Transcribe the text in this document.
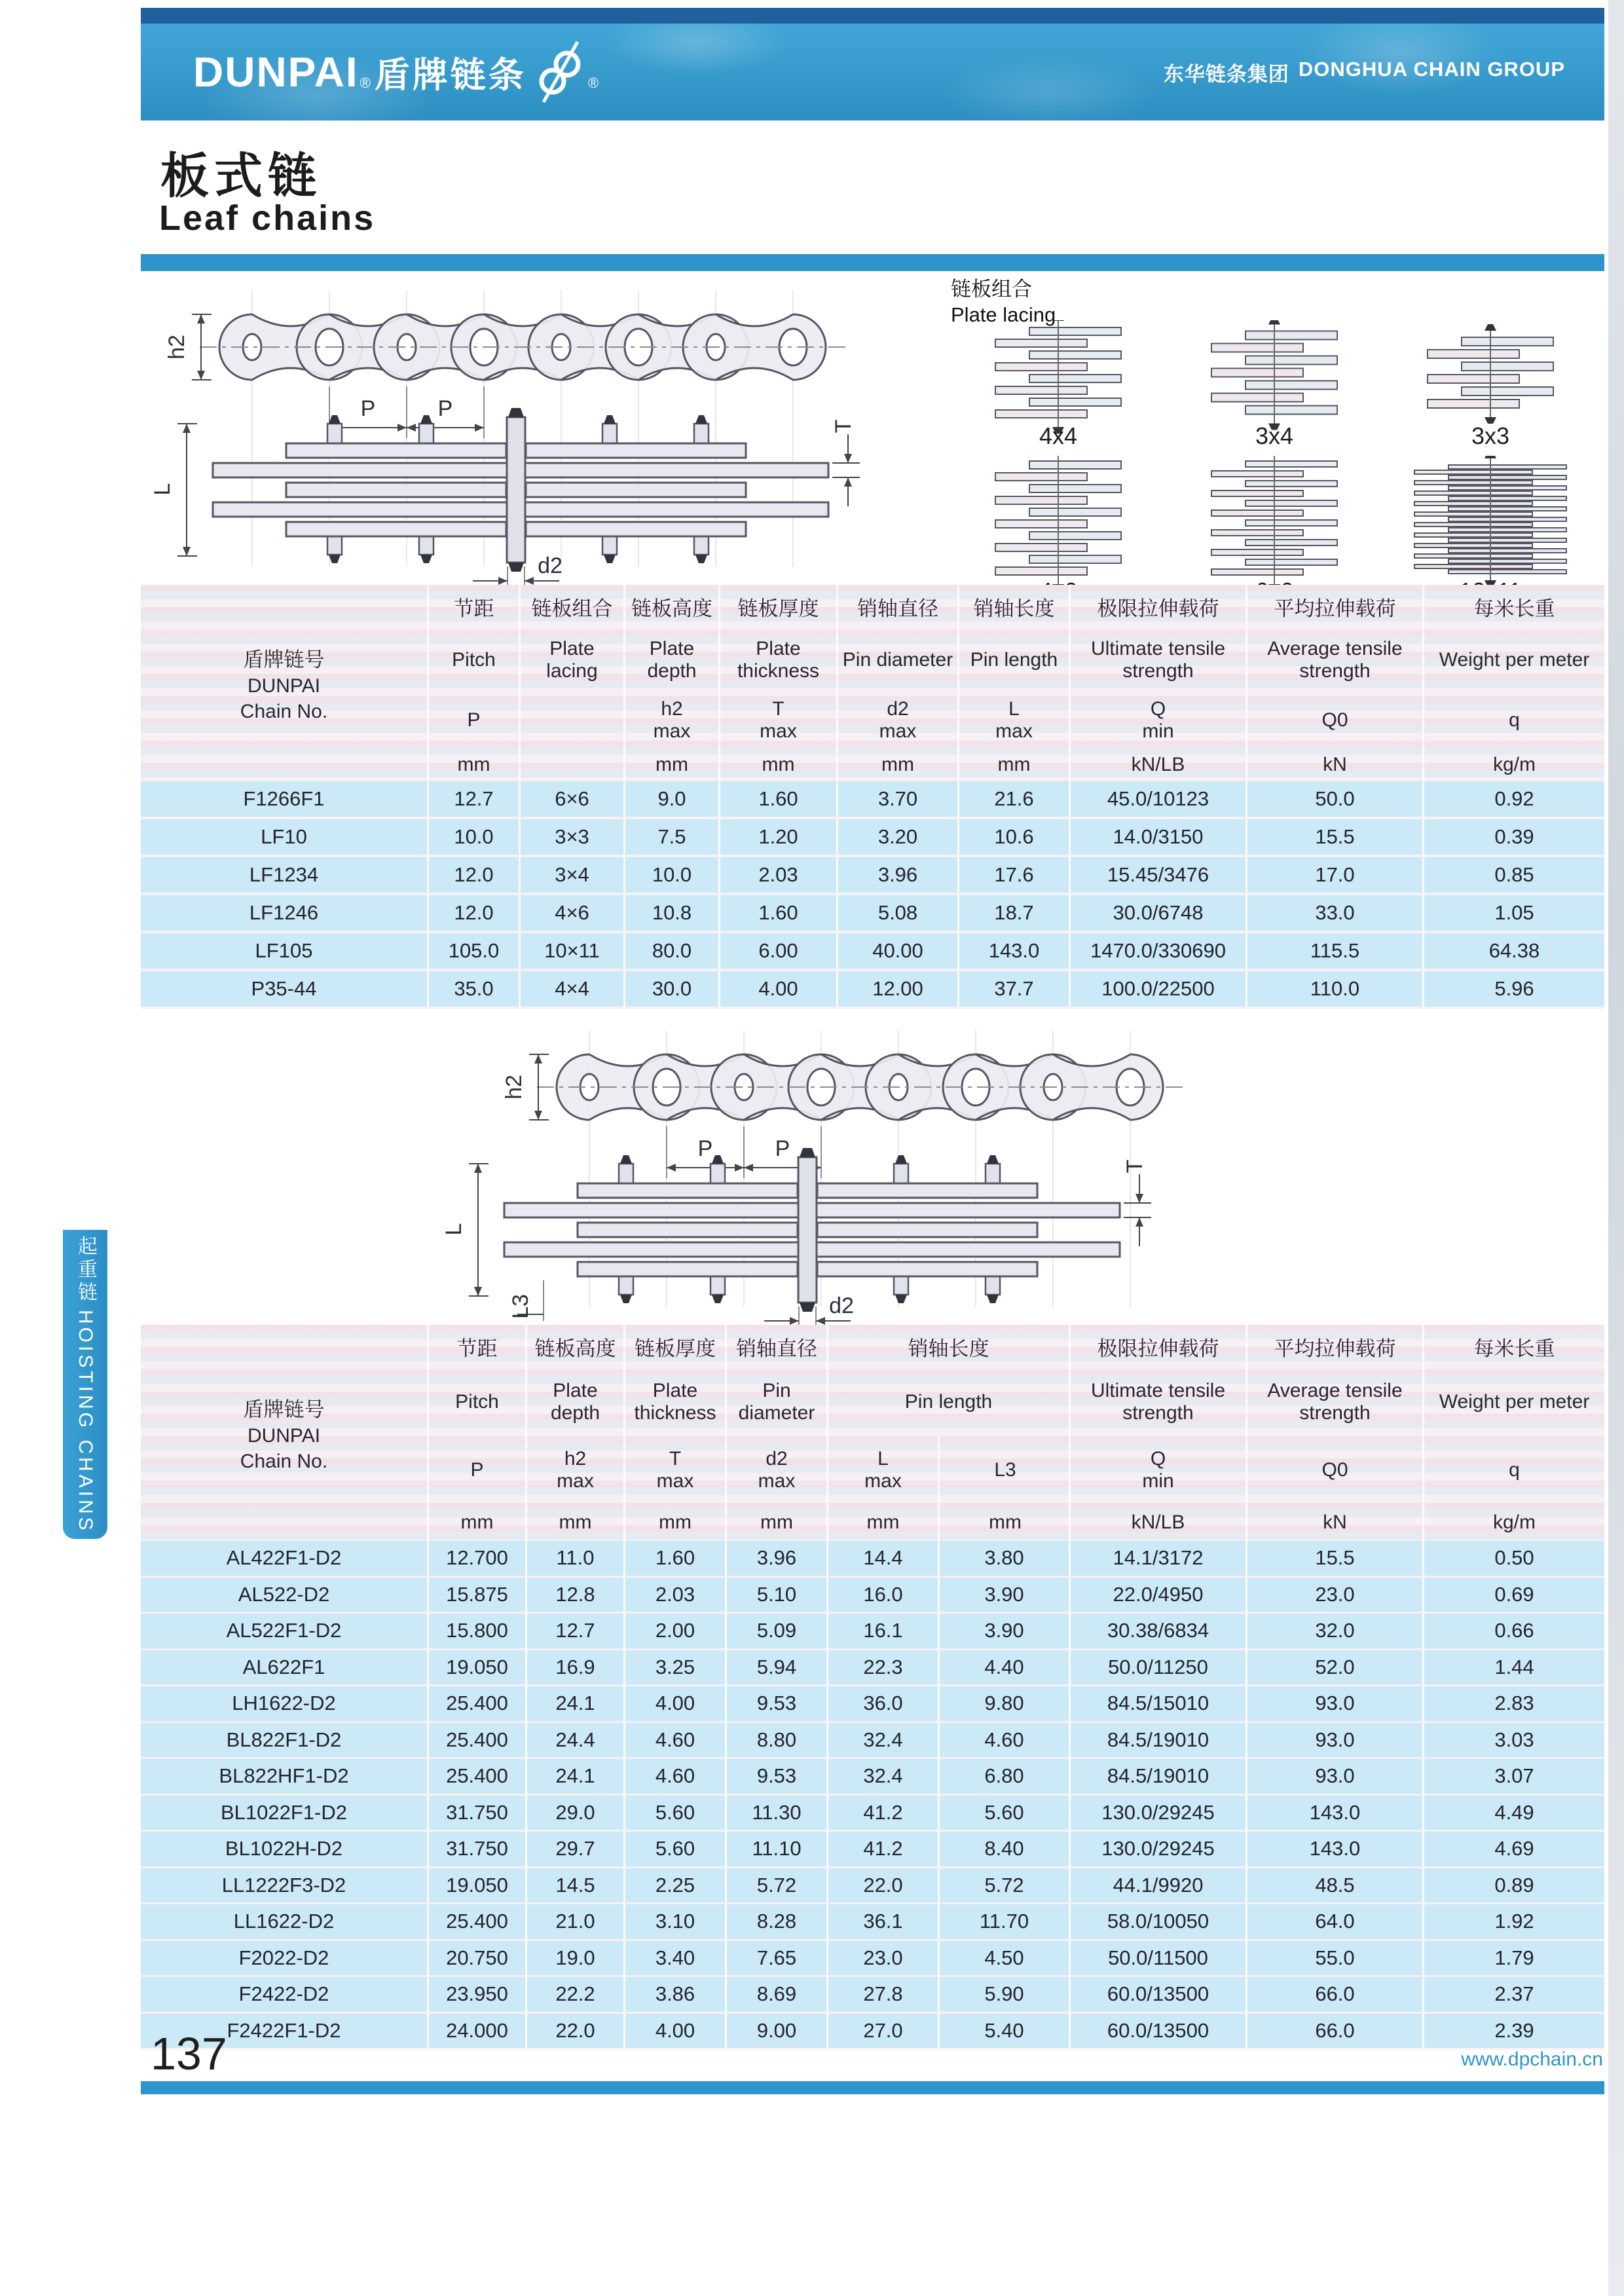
DUNPAI ® 盾牌链条	®	东华链条集团 DONGHUA CHAIN GROUP
板式链
Leaf chains
h2
P	P
L
d2
T
链板组合
Plate lacing
4x4	3x4	3x3
盾牌链号
DUNPAI
Chain No.
节距
Pitch
P
mm
链板组合
Plate lacing
链板高度
Plate depth
h2
max
mm
链板厚度
Plate thickness
T
max
mm
销轴直径
Pin diameter
d2
max
mm
销轴长度
Pin length
L
max
mm
极限拉伸载荷
Ultimate tensile strength
Q
min
kN/LB
平均拉伸载荷
Average tensile strength
Q0
kN
每米长重
Weight per meter
q
kg/m
F1266F1	12.7	6×6	9.0	1.60	3.70	21.6	45.0/10123	50.0	0.92
LF10	10.0	3×3	7.5	1.20	3.20	10.6	14.0/3150	15.5	0.39
LF1234	12.0	3×4	10.0	2.03	3.96	17.6	15.45/3476	17.0	0.85
LF1246	12.0	4×6	10.8	1.60	5.08	18.7	30.0/6748	33.0	1.05
LF105	105.0	10×11	80.0	6.00	40.00	143.0	1470.0/330690	115.5	64.38
P35-44	35.0	4×4	30.0	4.00	12.00	37.7	100.0/22500	110.0	5.96
h2
P	P
L
d2
T
L3
起重链
HOISTING CHAINS	盾牌链号
DUNPAI
Chain No.
节距
Pitch
P
mm
链板高度
Plate depth
h2
max
mm
链板厚度
Plate thickness
T
max
mm
销轴直径
Pin diameter
d2
max
mm
销轴长度
Pin length
L
max
mm
L3
mm
极限拉伸载荷
Ultimate tensile strength
Q
min
kN/LB
平均拉伸载荷
Average tensile strength
Q0
kN
每米长重
Weight per meter
q
kg/m
AL422F1-D2	12.700	11.0	1.60	3.96	14.4	3.80	14.1/3172	15.5	0.50
AL522-D2	15.875	12.8	2.03	5.10	16.0	3.90	22.0/4950	23.0	0.69
AL522F1-D2	15.800	12.7	2.00	5.09	16.1	3.90	30.38/6834	32.0	0.66
AL622F1	19.050	16.9	3.25	5.94	22.3	4.40	50.0/11250	52.0	1.44
LH1622-D2	25.400	24.1	4.00	9.53	36.0	9.80	84.5/15010	93.0	2.83
BL822F1-D2	25.400	24.4	4.60	8.80	32.4	4.60	84.5/19010	93.0	3.03
BL822HF1-D2	25.400	24.1	4.60	9.53	32.4	6.80	84.5/19010	93.0	3.07
BL1022F1-D2	31.750	29.0	5.60	11.30	41.2	5.60	130.0/29245	143.0	4.49
BL1022H-D2	31.750	29.7	5.60	11.10	41.2	8.40	130.0/29245	143.0	4.69
LL1222F3-D2	19.050	14.5	2.25	5.72	22.0	5.72	44.1/9920	48.5	0.89
LL1622-D2	25.400	21.0	3.10	8.28	36.1	11.70	58.0/10050	64.0	1.92
F2022-D2	20.750	19.0	3.40	7.65	23.0	4.50	50.0/11500	55.0	1.79
F2422-D2	23.950	22.2	3.86	8.69	27.8	5.90	60.0/13500	66.0	2.37
F2422F1-D2	24.000	22.0	4.00	9.00	27.0	5.40	60.0/13500	66.0	2.39
137	www.dpchain.cn
